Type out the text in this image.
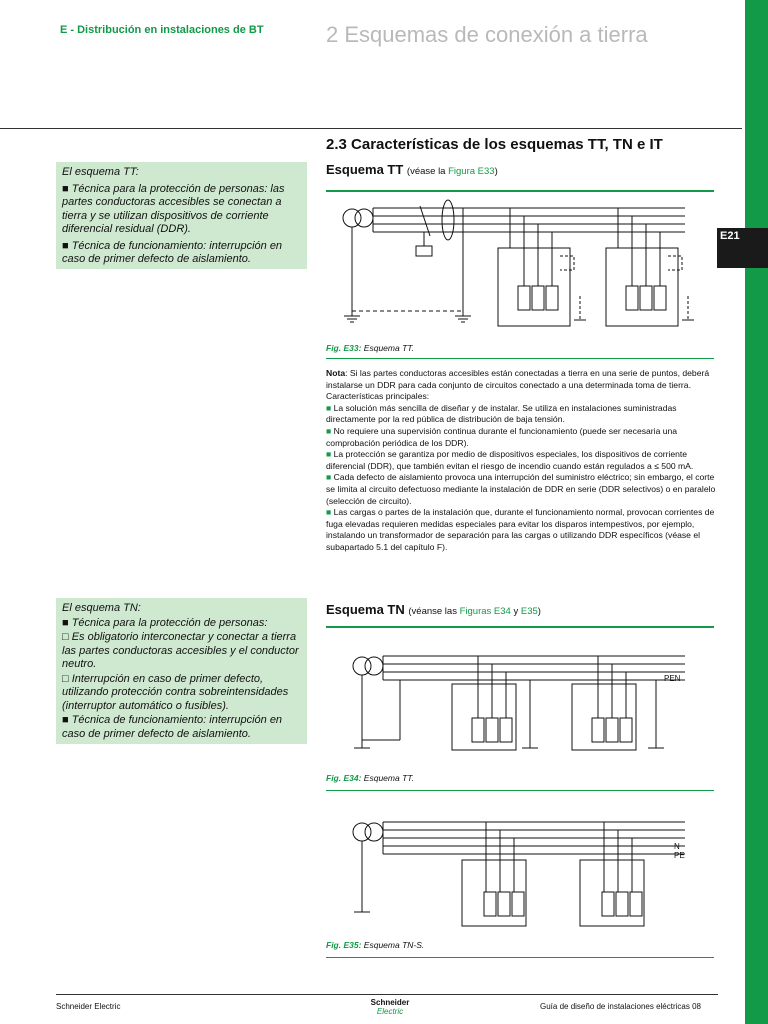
E - Distribución en instalaciones de BT	2 Esquemas de conexión a tierra
2.3 Características de los esquemas TT, TN e IT
E21

El esquema TT:

■ Técnica para la protección de personas: las partes conductoras accesibles se conectan a tierra y se utilizan dispositivos de corriente diferencial residual (DDR).

■ Técnica de funcionamiento: interrupción en caso de primer defecto de aislamiento.

El esquema TN:

■ Técnica para la protección de personas:

□ Es obligatorio interconectar y conectar a tierra las partes conductoras accesibles y el conductor neutro.

□ Interrupción en caso de primer defecto, utilizando protección contra sobreintensidades (interruptor automático o fusibles).

■ Técnica de funcionamiento: interrupción en caso de primer defecto de aislamiento.

Esquema TT (véase la Figura E33)
Fig. E33: Esquema TT.

Nota: Si las partes conductoras accesibles están conectadas a tierra en una serie de puntos, deberá instalarse un DDR para cada conjunto de circuitos conectado a una determinada toma de tierra.

Características principales:

■ La solución más sencilla de diseñar y de instalar. Se utiliza en instalaciones suministradas directamente por la red pública de distribución de baja tensión.

■ No requiere una supervisión continua durante el funcionamiento (puede ser necesaria una comprobación periódica de los DDR).

■ La protección se garantiza por medio de dispositivos especiales, los dispositivos de corriente diferencial (DDR), que también evitan el riesgo de incendio cuando están regulados a ≤ 500 mA.

■ Cada defecto de aislamiento provoca una interrupción del suministro eléctrico; sin embargo, el corte se limita al circuito defectuoso mediante la instalación de DDR en serie (DDR selectivos) o en paralelo (selección de circuito).

■ Las cargas o partes de la instalación que, durante el funcionamiento normal, provocan corrientes de fuga elevadas requieren medidas especiales para evitar los disparos intempestivos, por ejemplo, instalando un transformador de separación para las cargas o utilizando DDR específicos (véase el subapartado 5.1 del capítulo F).

Esquema TN (véanse las Figuras E34 y E35)
PEN
Fig. E34: Esquema TT.
N
PE
Fig. E35: Esquema TN-S.
Schneider Electric	Schneider
Electric
Guía de diseño de instalaciones eléctricas 08
